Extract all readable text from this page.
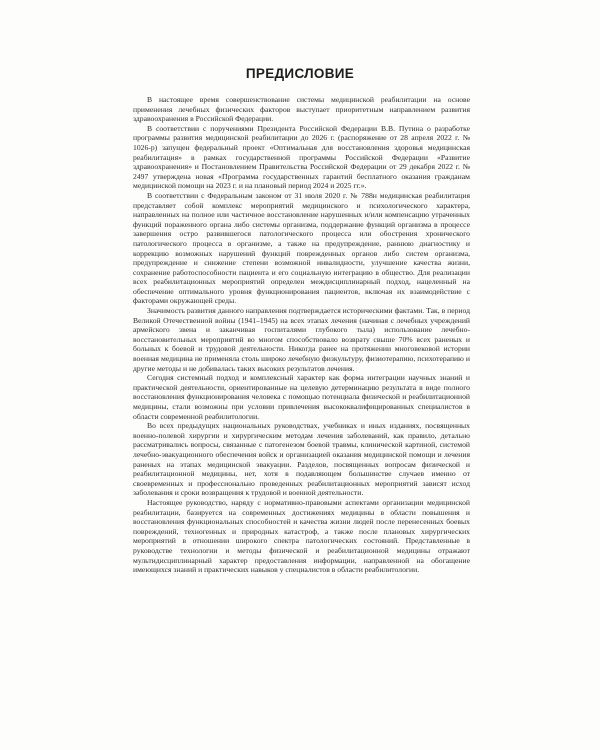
ПРЕДИСЛОВИЕ

В настоящее время совершенствование системы медицинской реабилитации на основе применения лечебных физических факторов выступает приоритетным направлением развития здравоохранения в Российской Федерации.

В соответствии с поручениями Президента Российской Федерации В.В. Путина о разработке программы развития медицинской реабилитации до 2026 г. (распоряжение от 28 апреля 2022 г. № 1026-р) запущен федеральный проект «Оптимальная для восстановления здоровья медицинская реабилитация» в рамках государственной программы Российской Федерации «Развитие здравоохранения» и Постановлением Правительства Российской Федерации от 29 декабря 2022 г. № 2497 утверждена новая «Программа государственных гарантий бесплатного оказания гражданам медицинской помощи на 2023 г. и на плановый период 2024 и 2025 гг.».

В соответствии с Федеральным законом от 31 июля 2020 г. № 788н медицинская реабилитация представляет собой комплекс мероприятий медицинского и психологического характера, направленных на полное или частичное восстановление нарушенных и/или компенсацию утраченных функций пораженного органа либо системы организма, поддержание функций организма в процессе завершения остро развившегося патологического процесса или обострения хронического патологического процесса в организме, а также на предупреждение, раннюю диагностику и коррекцию возможных нарушений функций поврежденных органов либо систем организма, предупреждение и снижение степени возможной инвалидности, улучшение качества жизни, сохранение работоспособности пациента и его социальную интеграцию в общество. Для реализации всех реабилитационных мероприятий определен междисциплинарный подход, нацеленный на обеспечение оптимального уровня функционирования пациентов, включая их взаимодействие с факторами окружающей среды.

Значимость развития данного направления подтверждается историческими фактами. Так, в период Великой Отечественной войны (1941–1945) на всех этапах лечения (начиная с лечебных учреждений армейского звена и заканчивая госпиталями глубокого тыла) использование лечебно-восстановительных мероприятий во многом способствовало возврату свыше 70% всех раненых и больных к боевой и трудовой деятельности. Никогда ранее на протяжении многовековой истории военная медицина не применяла столь широко лечебную физкультуру, физиотерапию, психотерапию и другие методы и не добивалась таких высоких результатов лечения.

Сегодня системный подход и комплексный характер как форма интеграции научных знаний и практической деятельности, ориентированные на целевую детерминацию результата в виде полного восстановления функционирования человека с помощью потенциала физической и реабилитационной медицины, стали возможны при условии привлечения высококвалифицированных специалистов в области современной реабилитологии.

Во всех предыдущих национальных руководствах, учебниках и иных изданиях, посвященных военно-полевой хирургии и хирургическим методам лечения заболеваний, как правило, детально рассматривались вопросы, связанные с патогенезом боевой травмы, клинической картиной, системой лечебно-эвакуационного обеспечения войск и организацией оказания медицинской помощи и лечения раненых на этапах медицинской эвакуации. Разделов, посвященных вопросам физической и реабилитационной медицины, нет, хотя в подавляющем большинстве случаев именно от своевременных и профессионально проведенных реабилитационных мероприятий зависят исход заболевания и сроки возвращения к трудовой и военной деятельности.

Настоящее руководство, наряду с нормативно-правовыми аспектами организации медицинской реабилитации, базируется на современных достижениях медицины в области повышения и восстановления функциональных способностей и качества жизни людей после перенесенных боевых повреждений, техногенных и природных катастроф, а также после плановых хирургических мероприятий в отношении широкого спектра патологических состояний. Представленные в руководстве технологии и методы физической и реабилитационной медицины отражают мультидисциплинарный характер предоставления информации, направленной на обогащение имеющихся знаний и практических навыков у специалистов в области реабилитологии.
